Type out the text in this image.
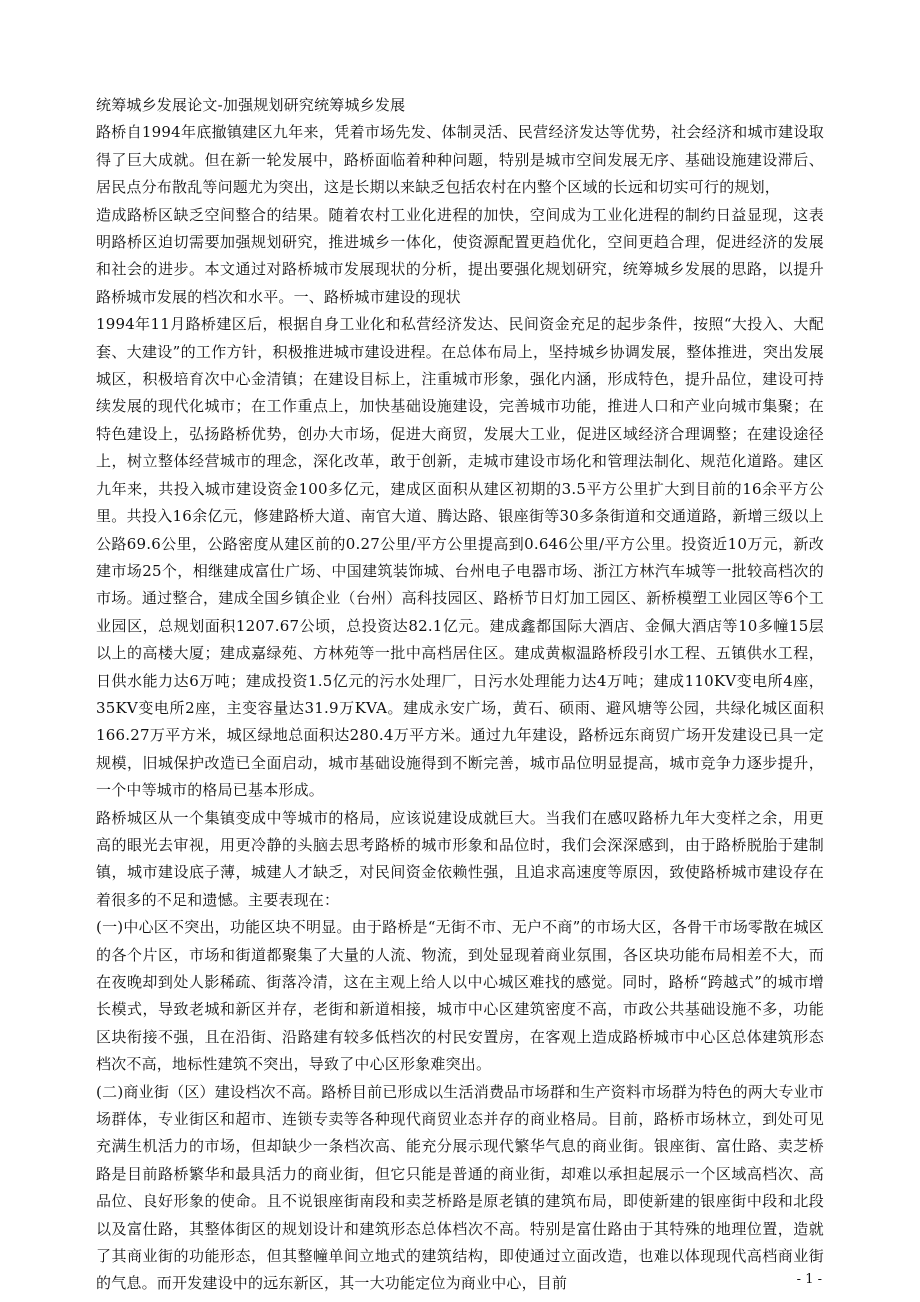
统筹城乡发展论文-加强规划研究统筹城乡发展

路桥自1994年底撤镇建区九年来，凭着市场先发、体制灵活、民营经济发达等优势，社会经济和城市建设取得了巨大成就。但在新一轮发展中，路桥面临着种种问题，特别是城市空间发展无序、基础设施建设滞后、居民点分布散乱等问题尤为突出，这是长期以来缺乏包括农村在内整个区域的长远和切实可行的规划，

造成路桥区缺乏空间整合的结果。随着农村工业化进程的加快，空间成为工业化进程的制约日益显现，这表明路桥区迫切需要加强规划研究，推进城乡一体化，使资源配置更趋优化，空间更趋合理，促进经济的发展和社会的进步。本文通过对路桥城市发展现状的分析，提出要强化规划研究，统筹城乡发展的思路，以提升路桥城市发展的档次和水平。一、路桥城市建设的现状

1994年11月路桥建区后，根据自身工业化和私营经济发达、民间资金充足的起步条件，按照“大投入、大配套、大建设”的工作方针，积极推进城市建设进程。在总体布局上，坚持城乡协调发展，整体推进，突出发展城区，积极培育次中心金清镇；在建设目标上，注重城市形象，强化内涵，形成特色，提升品位，建设可持续发展的现代化城市；在工作重点上，加快基础设施建设，完善城市功能，推进人口和产业向城市集聚；在特色建设上，弘扬路桥优势，创办大市场，促进大商贸，发展大工业，促进区域经济合理调整；在建设途径上，树立整体经营城市的理念，深化改革，敢于创新，走城市建设市场化和管理法制化、规范化道路。建区九年来，共投入城市建设资金100多亿元，建成区面积从建区初期的3.5平方公里扩大到目前的16余平方公里。共投入16余亿元，修建路桥大道、南官大道、腾达路、银座街等30多条街道和交通道路，新增三级以上公路69.6公里，公路密度从建区前的0.27公里/平方公里提高到0.646公里/平方公里。投资近10万元，新改建市场25个，相继建成富仕广场、中国建筑装饰城、台州电子电器市场、浙江方林汽车城等一批较高档次的市场。通过整合，建成全国乡镇企业（台州）高科技园区、路桥节日灯加工园区、新桥模塑工业园区等6个工业园区，总规划面积1207.67公顷，总投资达82.1亿元。建成鑫都国际大酒店、金佩大酒店等10多幢15层以上的高楼大厦；建成嘉绿苑、方林苑等一批中高档居住区。建成黄椒温路桥段引水工程、五镇供水工程，日供水能力达6万吨；建成投资1.5亿元的污水处理厂，日污水处理能力达4万吨；建成110KV变电所4座，35KV变电所2座，主变容量达31.9万KVA。建成永安广场，黄石、硕雨、避风塘等公园，共绿化城区面积166.27万平方米，城区绿地总面积达280.4万平方米。通过九年建设，路桥远东商贸广场开发建设已具一定规模，旧城保护改造已全面启动，城市基础设施得到不断完善，城市品位明显提高，城市竞争力逐步提升，一个中等城市的格局已基本形成。

路桥城区从一个集镇变成中等城市的格局，应该说建设成就巨大。当我们在感叹路桥九年大变样之余，用更高的眼光去审视，用更冷静的头脑去思考路桥的城市形象和品位时，我们会深深感到，由于路桥脱胎于建制镇，城市建设底子薄，城建人才缺乏，对民间资金依赖性强，且追求高速度等原因，致使路桥城市建设存在着很多的不足和遗憾。主要表现在：

(一)中心区不突出，功能区块不明显。由于路桥是“无街不市、无户不商”的市场大区，各骨干市场零散在城区的各个片区，市场和街道都聚集了大量的人流、物流，到处显现着商业氛围，各区块功能布局相差不大，而在夜晚却到处人影稀疏、街落冷清，这在主观上给人以中心城区难找的感觉。同时，路桥“跨越式”的城市增长模式，导致老城和新区并存，老街和新道相接，城市中心区建筑密度不高，市政公共基础设施不多，功能区块衔接不强，且在沿街、沿路建有较多低档次的村民安置房，在客观上造成路桥城市中心区总体建筑形态档次不高，地标性建筑不突出，导致了中心区形象难突出。

(二)商业街（区）建设档次不高。路桥目前已形成以生活消费品市场群和生产资料市场群为特色的两大专业市场群体，专业街区和超市、连锁专卖等各种现代商贸业态并存的商业格局。目前，路桥市场林立，到处可见充满生机活力的市场，但却缺少一条档次高、能充分展示现代繁华气息的商业街。银座街、富仕路、卖芝桥路是目前路桥繁华和最具活力的商业街，但它只能是普通的商业街，却难以承担起展示一个区域高档次、高品位、良好形象的使命。且不说银座街南段和卖芝桥路是原老镇的建筑布局，即使新建的银座街中段和北段以及富仕路，其整体街区的规划设计和建筑形态总体档次不高。特别是富仕路由于其特殊的地理位置，造就了其商业街的功能形态，但其整幢单间立地式的建筑结构，即使通过立面改造，也难以体现现代高档商业街的气息。而开发建设中的远东新区，其一大功能定位为商业中心，目前	- 1 -
